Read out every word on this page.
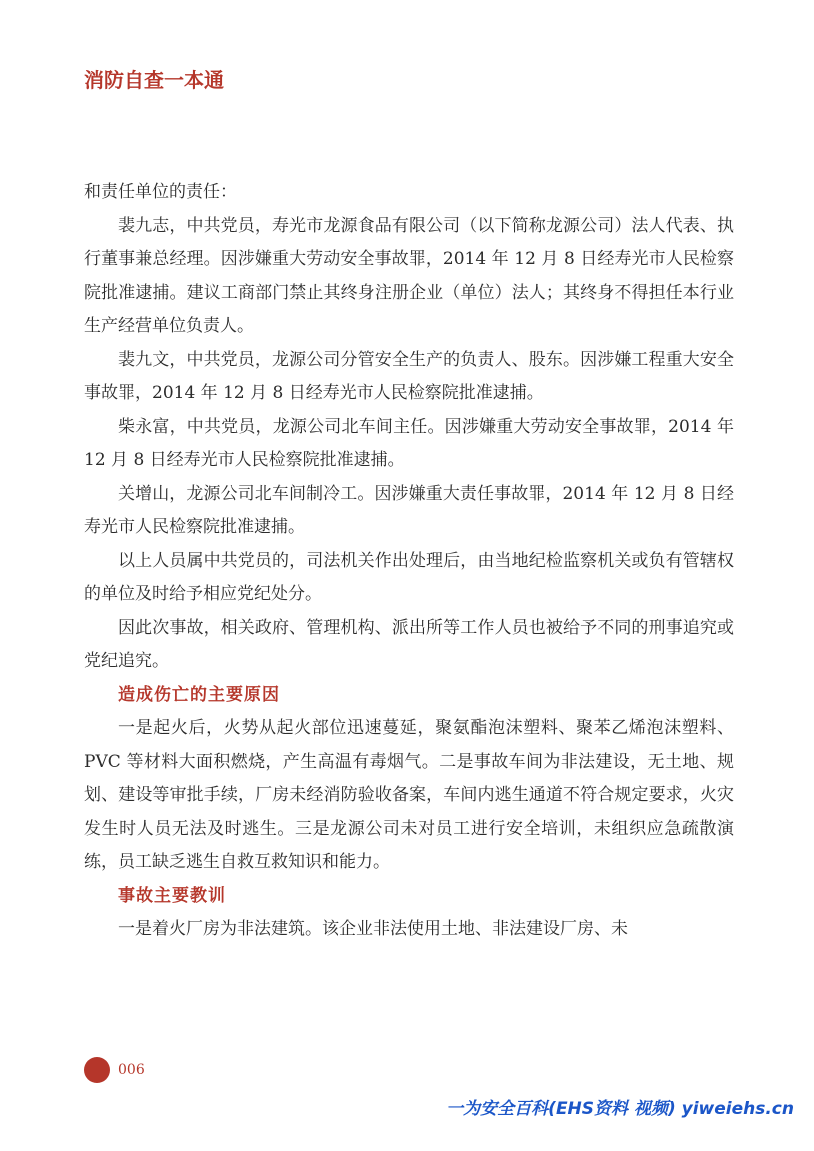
消防自查一本通

和责任单位的责任：

裴九志，中共党员，寿光市龙源食品有限公司（以下简称龙源公司）法人代表、执行董事兼总经理。因涉嫌重大劳动安全事故罪，2014 年 12 月 8 日经寿光市人民检察院批准逮捕。建议工商部门禁止其终身注册企业（单位）法人；其终身不得担任本行业生产经营单位负责人。

裴九文，中共党员，龙源公司分管安全生产的负责人、股东。因涉嫌工程重大安全事故罪，2014 年 12 月 8 日经寿光市人民检察院批准逮捕。

柴永富，中共党员，龙源公司北车间主任。因涉嫌重大劳动安全事故罪，2014 年 12 月 8 日经寿光市人民检察院批准逮捕。

关增山，龙源公司北车间制冷工。因涉嫌重大责任事故罪，2014 年 12 月 8 日经寿光市人民检察院批准逮捕。

以上人员属中共党员的，司法机关作出处理后，由当地纪检监察机关或负有管辖权的单位及时给予相应党纪处分。

因此次事故，相关政府、管理机构、派出所等工作人员也被给予不同的刑事追究或党纪追究。

造成伤亡的主要原因

一是起火后，火势从起火部位迅速蔓延，聚氨酯泡沫塑料、聚苯乙烯泡沫塑料、PVC 等材料大面积燃烧，产生高温有毒烟气。二是事故车间为非法建设，无土地、规划、建设等审批手续，厂房未经消防验收备案，车间内逃生通道不符合规定要求，火灾发生时人员无法及时逃生。三是龙源公司未对员工进行安全培训，未组织应急疏散演练，员工缺乏逃生自救互救知识和能力。

事故主要教训

一是着火厂房为非法建筑。该企业非法使用土地、非法建设厂房、未

006
一为安全百科(EHS资料 视频) yiweiehs.cn
